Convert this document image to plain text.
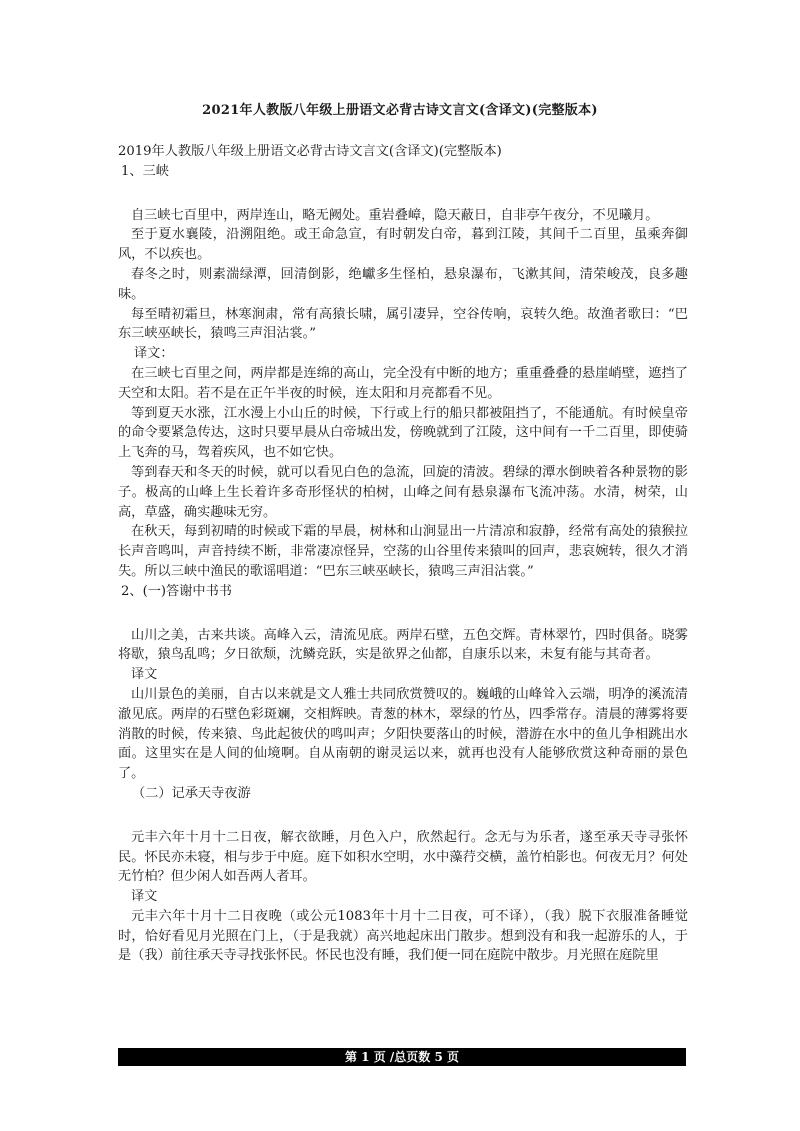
2021年人教版八年级上册语文必背古诗文言文(含译文)(完整版本)
2019年人教版八年级上册语文必背古诗文言文(含译文)(完整版本)
1、三峡

自三峡七百里中，两岸连山，略无阙处。重岩叠嶂，隐天蔽日，自非亭午夜分，不见曦月。

至于夏水襄陵，沿溯阻绝。或王命急宣，有时朝发白帝，暮到江陵，其间千二百里，虽乘奔御风，不以疾也。

春冬之时，则素湍绿潭，回清倒影，绝巘多生怪柏，悬泉瀑布，飞漱其间，清荣峻茂，良多趣味。

每至晴初霜旦，林寒涧肃，常有高猿长啸，属引凄异，空谷传响，哀转久绝。故渔者歌曰：“巴东三峡巫峡长，猿鸣三声泪沾裳。”

译文：

在三峡七百里之间，两岸都是连绵的高山，完全没有中断的地方；重重叠叠的悬崖峭壁，遮挡了天空和太阳。若不是在正午半夜的时候，连太阳和月亮都看不见。

等到夏天水涨，江水漫上小山丘的时候，下行或上行的船只都被阻挡了，不能通航。有时候皇帝的命令要紧急传达，这时只要早晨从白帝城出发，傍晚就到了江陵，这中间有一千二百里，即使骑上飞奔的马，驾着疾风，也不如它快。

等到春天和冬天的时候，就可以看见白色的急流，回旋的清波。碧绿的潭水倒映着各种景物的影子。极高的山峰上生长着许多奇形怪状的柏树，山峰之间有悬泉瀑布飞流冲荡。水清，树荣，山高，草盛，确实趣味无穷。

在秋天，每到初晴的时候或下霜的早晨，树林和山涧显出一片清凉和寂静，经常有高处的猿猴拉长声音鸣叫，声音持续不断，非常凄凉怪异，空荡的山谷里传来猿叫的回声，悲哀婉转，很久才消失。所以三峡中渔民的歌谣唱道：“巴东三峡巫峡长，猿鸣三声泪沾裳。”

2、(一)答谢中书书

山川之美，古来共谈。高峰入云，清流见底。两岸石壁，五色交辉。青林翠竹，四时俱备。晓雾将歇，猿鸟乱鸣；夕日欲颓，沈鳞竞跃，实是欲界之仙都，自康乐以来，未复有能与其奇者。

译文

山川景色的美丽，自古以来就是文人雅士共同欣赏赞叹的。巍峨的山峰耸入云端，明净的溪流清澈见底。两岸的石壁色彩斑斓，交相辉映。青葱的林木，翠绿的竹丛，四季常存。清晨的薄雾将要消散的时候，传来猿、鸟此起彼伏的鸣叫声；夕阳快要落山的时候，潜游在水中的鱼儿争相跳出水面。这里实在是人间的仙境啊。自从南朝的谢灵运以来，就再也没有人能够欣赏这种奇丽的景色了。

（二）记承天寺夜游

元丰六年十月十二日夜，解衣欲睡，月色入户，欣然起行。念无与为乐者，遂至承天寺寻张怀民。怀民亦未寝，相与步于中庭。庭下如积水空明，水中藻荇交横，盖竹柏影也。何夜无月？何处无竹柏？但少闲人如吾两人者耳。

译文

元丰六年十月十二日夜晚（或公元1083年十月十二日夜，可不译），（我）脱下衣服准备睡觉时，恰好看见月光照在门上，（于是我就）高兴地起床出门散步。想到没有和我一起游乐的人，于是（我）前往承天寺寻找张怀民。怀民也没有睡，我们便一同在庭院中散步。月光照在庭院里

第 1 页 /总页数 5 页
